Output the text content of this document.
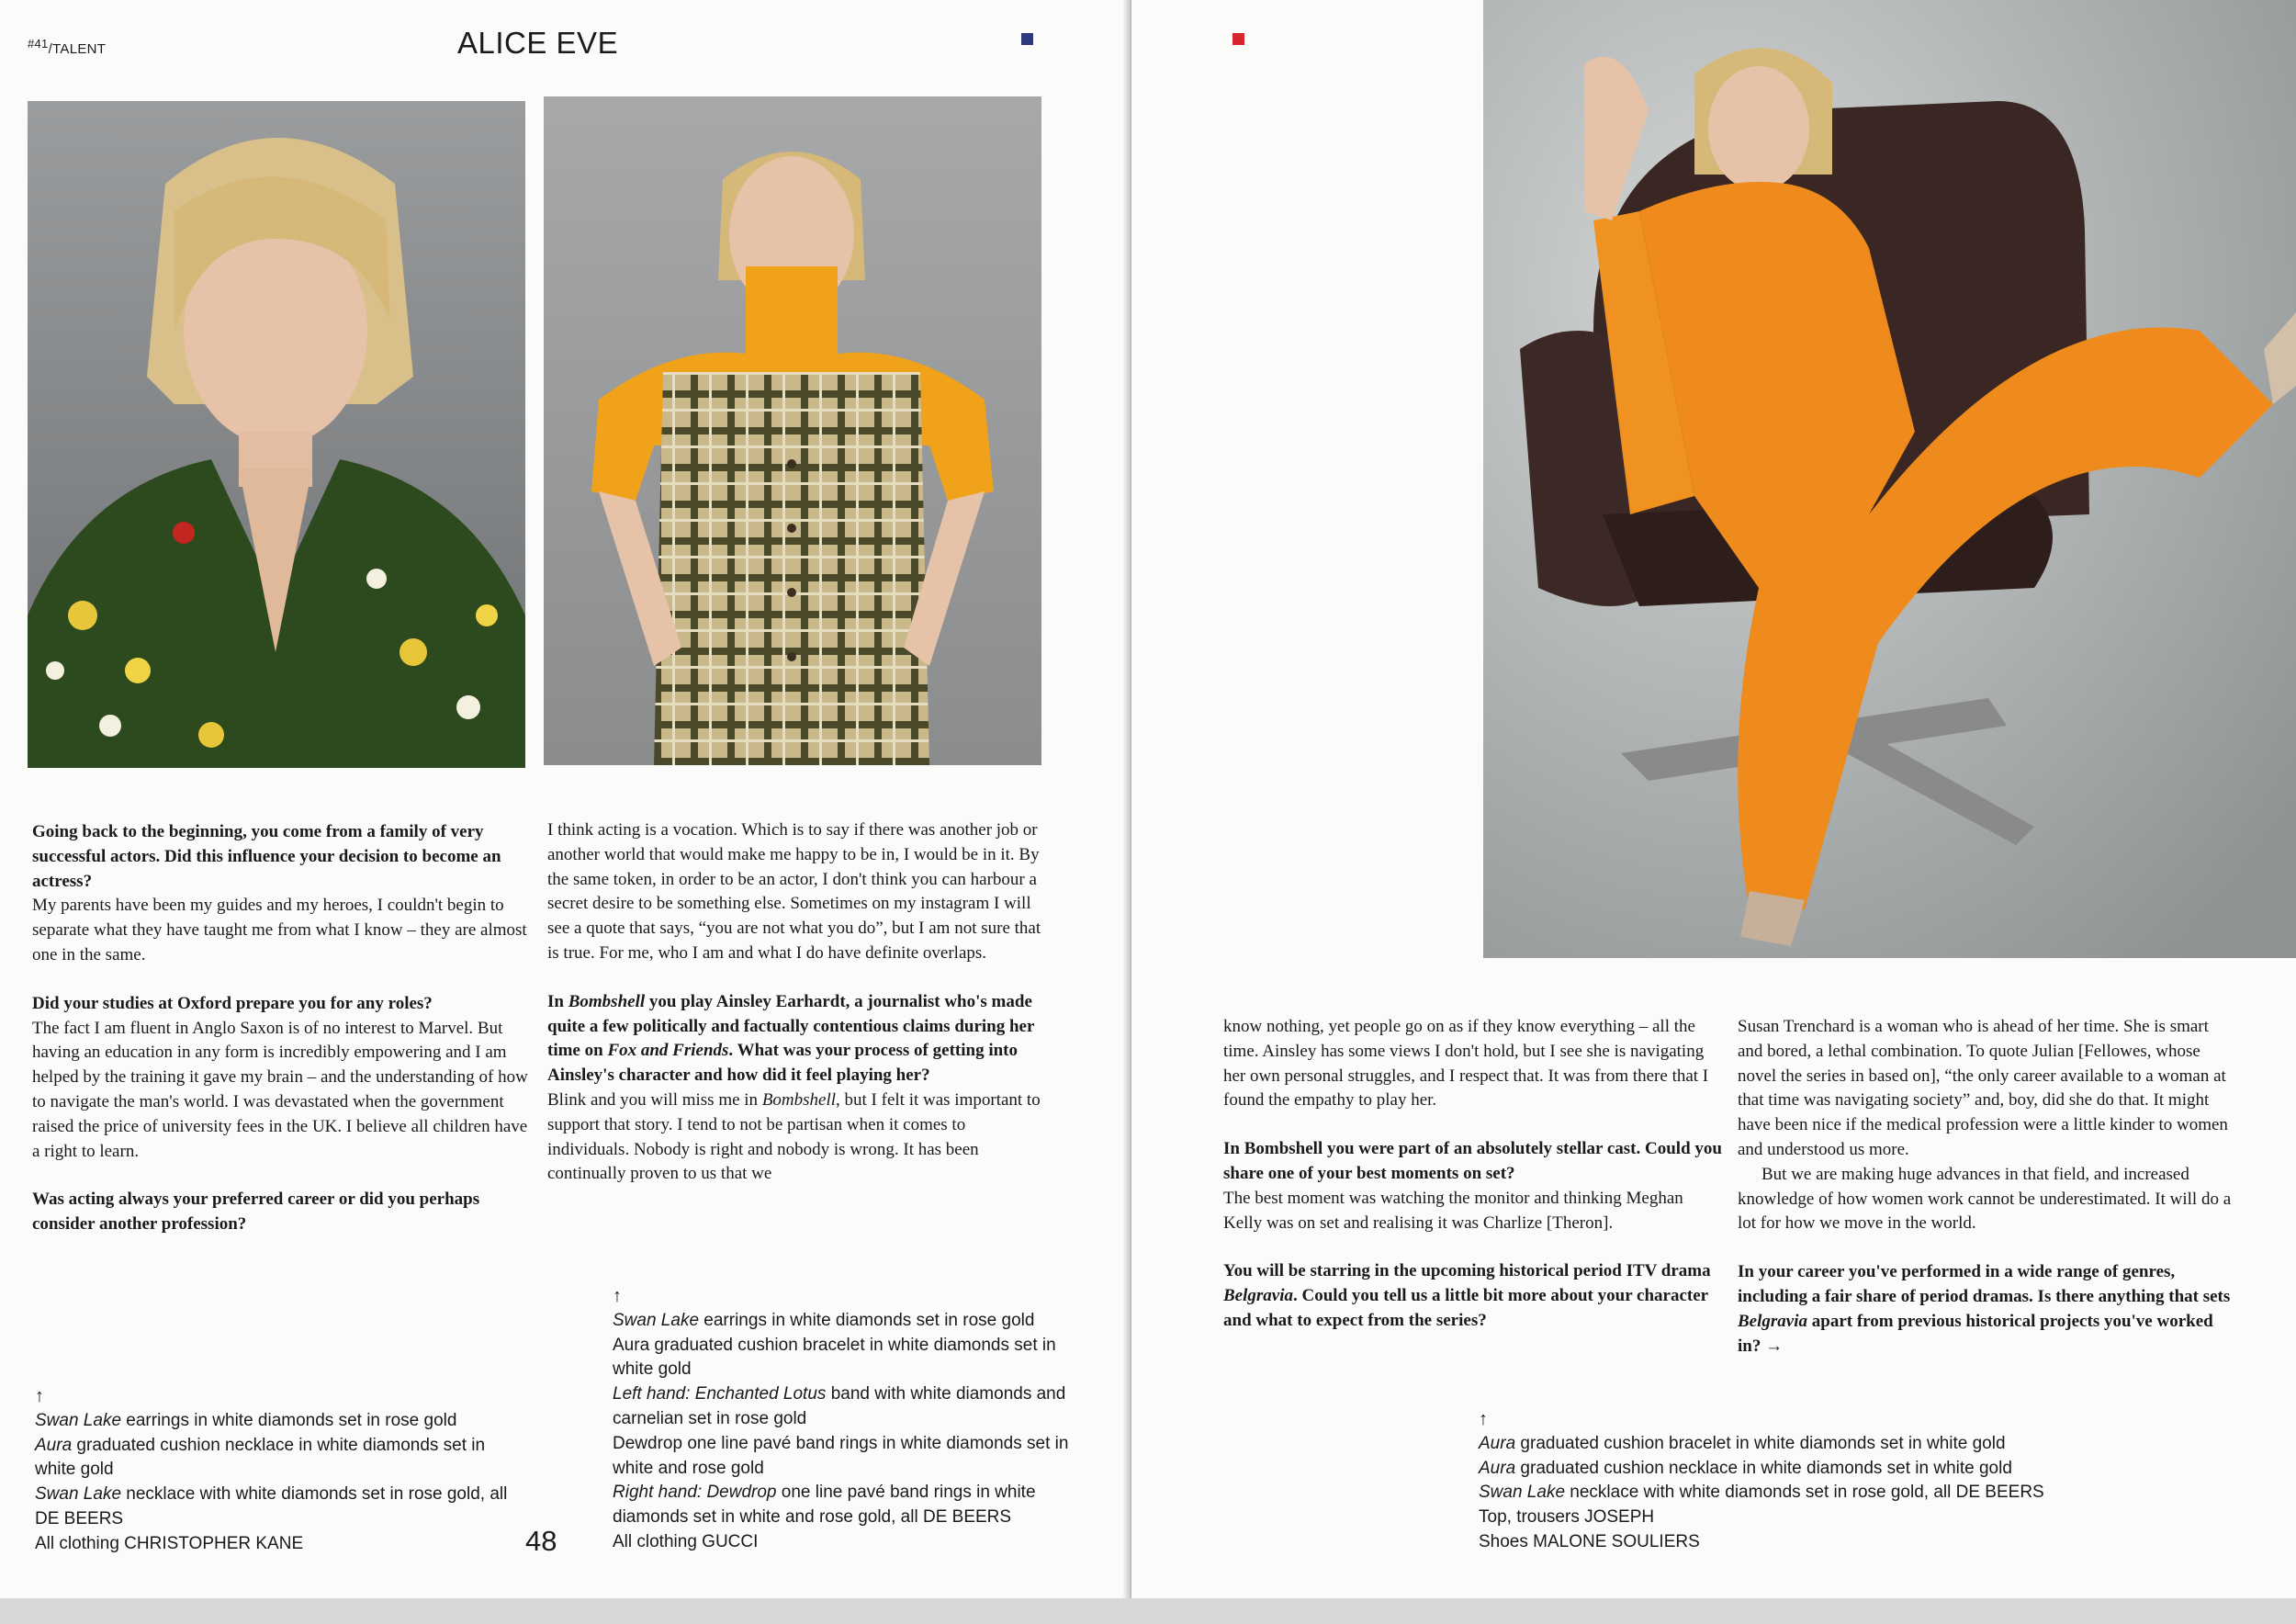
$^{\#41}$/TALENT	ALICE EVE

Going back to the beginning, you come from a family of very successful actors. Did this influence your decision to become an actress?

My parents have been my guides and my heroes, I couldn't begin to separate what they have taught me from what I know – they are almost one in the same.

Did your studies at Oxford prepare you for any roles?

The fact I am fluent in Anglo Saxon is of no interest to Marvel. But having an education in any form is incredibly empowering and I am helped by the training it gave my brain – and the understanding of how to navigate the man's world. I was devastated when the government raised the price of university fees in the UK. I believe all children have a right to learn.

Was acting always your preferred career or did you perhaps consider another profession?

I think acting is a vocation. Which is to say if there was another job or another world that would make me happy to be in, I would be in it. By the same token, in order to be an actor, I don't think you can harbour a secret desire to be something else. Sometimes on my instagram I will see a quote that says, “you are not what you do”, but I am not sure that is true. For me, who I am and what I do have definite overlaps.

In Bombshell you play Ainsley Earhardt, a journalist who's made quite a few politically and factually contentious claims during her time on Fox and Friends. What was your process of getting into Ainsley's character and how did it feel playing her?

Blink and you will miss me in Bombshell, but I felt it was important to support that story. I tend to not be partisan when it comes to individuals. Nobody is right and nobody is wrong. It has been continually proven to us that we

↑

Swan Lake earrings in white diamonds set in rose gold

Aura graduated cushion necklace in white diamonds set in white gold

Swan Lake necklace with white diamonds set in rose gold, all DE BEERS

All clothing CHRISTOPHER KANE	48

↑

Swan Lake earrings in white diamonds set in rose gold

Aura graduated cushion bracelet in white diamonds set in white gold

Left hand: Enchanted Lotus band with white diamonds and carnelian set in rose gold

Dewdrop one line pavé band rings in white diamonds set in white and rose gold

Right hand: Dewdrop one line pavé band rings in white diamonds set in white and rose gold, all DE BEERS

All clothing GUCCI

know nothing, yet people go on as if they know everything – all the time. Ainsley has some views I don't hold, but I see she is navigating her own personal struggles, and I respect that. It was from there that I found the empathy to play her.

In Bombshell you were part of an absolutely stellar cast. Could you share one of your best moments on set?

The best moment was watching the monitor and thinking Meghan Kelly was on set and realising it was Charlize [Theron].

You will be starring in the upcoming historical period ITV drama Belgravia. Could you tell us a little bit more about your character and what to expect from the series?

Susan Trenchard is a woman who is ahead of her time. She is smart and bored, a lethal combination. To quote Julian [Fellowes, whose novel the series in based on], “the only career available to a woman at that time was navigating society” and, boy, did she do that. It might have been nice if the medical profession were a little kinder to women and understood us more.

But we are making huge advances in that field, and increased knowledge of how women work cannot be underestimated. It will do a lot for how we move in the world.

In your career you've performed in a wide range of genres, including a fair share of period dramas. Is there anything that sets Belgravia apart from previous historical projects you've worked in? →

↑

Aura graduated cushion bracelet in white diamonds set in white gold

Aura graduated cushion necklace in white diamonds set in white gold

Swan Lake necklace with white diamonds set in rose gold, all DE BEERS

Top, trousers JOSEPH

Shoes MALONE SOULIERS
